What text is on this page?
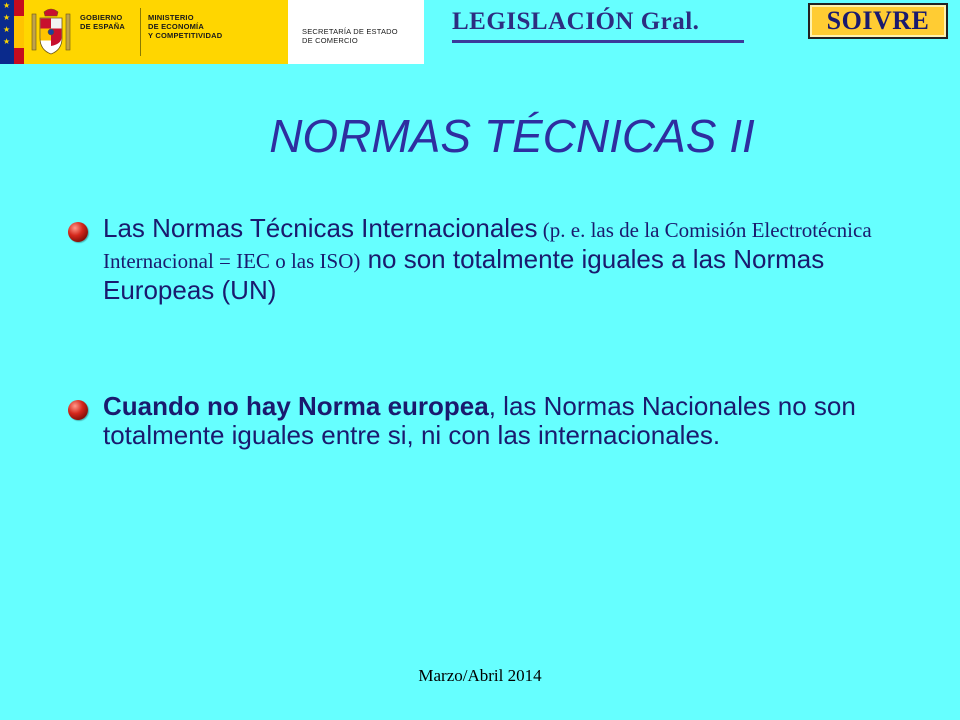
★
★
★
★
GOBIERNO
DE ESPAÑA
MINISTERIO
DE ECONOMÍA
Y COMPETITIVIDAD	SECRETARÍA DE ESTADO
DE COMERCIO
LEGISLACIÓN Gral.	SOIVRE
NORMAS TÉCNICAS II
Las Normas Técnicas Internacionales (p. e. las de la Comisión Electrotécnica Internacional = IEC o las ISO) no son totalmente iguales a las Normas Europeas (UN)
Cuando no hay Norma europea, las Normas Nacionales no son totalmente iguales entre si, ni con las internacionales.
Marzo/Abril 2014
